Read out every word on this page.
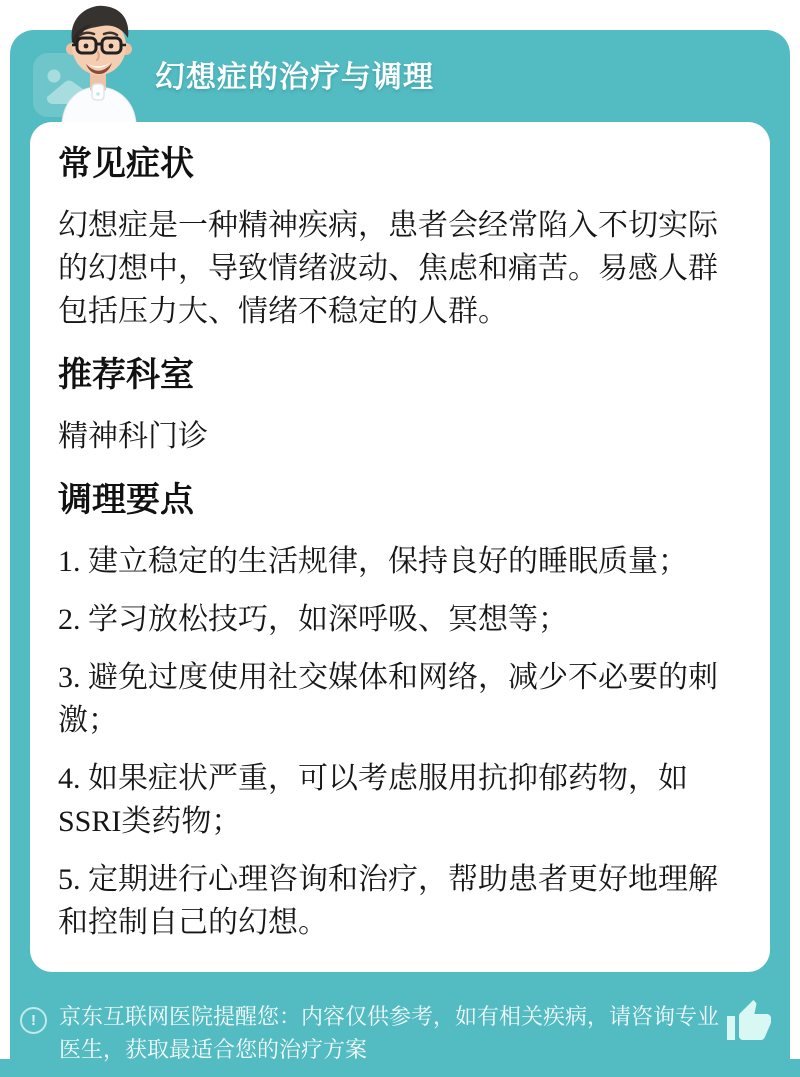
幻想症的治疗与调理
常见症状

幻想症是一种精神疾病，患者会经常陷入不切实际的幻想中，导致情绪波动、焦虑和痛苦。易感人群包括压力大、情绪不稳定的人群。

推荐科室

精神科门诊

调理要点
1. 建立稳定的生活规律，保持良好的睡眠质量；
2. 学习放松技巧，如深呼吸、冥想等；
3. 避免过度使用社交媒体和网络，减少不必要的刺激；
4. 如果症状严重，可以考虑服用抗抑郁药物，如SSRI类药物；
5. 定期进行心理咨询和治疗，帮助患者更好地理解和控制自己的幻想。
!	京东互联网医院提醒您：内容仅供参考，如有相关疾病，请咨询专业医生，获取最适合您的治疗方案
